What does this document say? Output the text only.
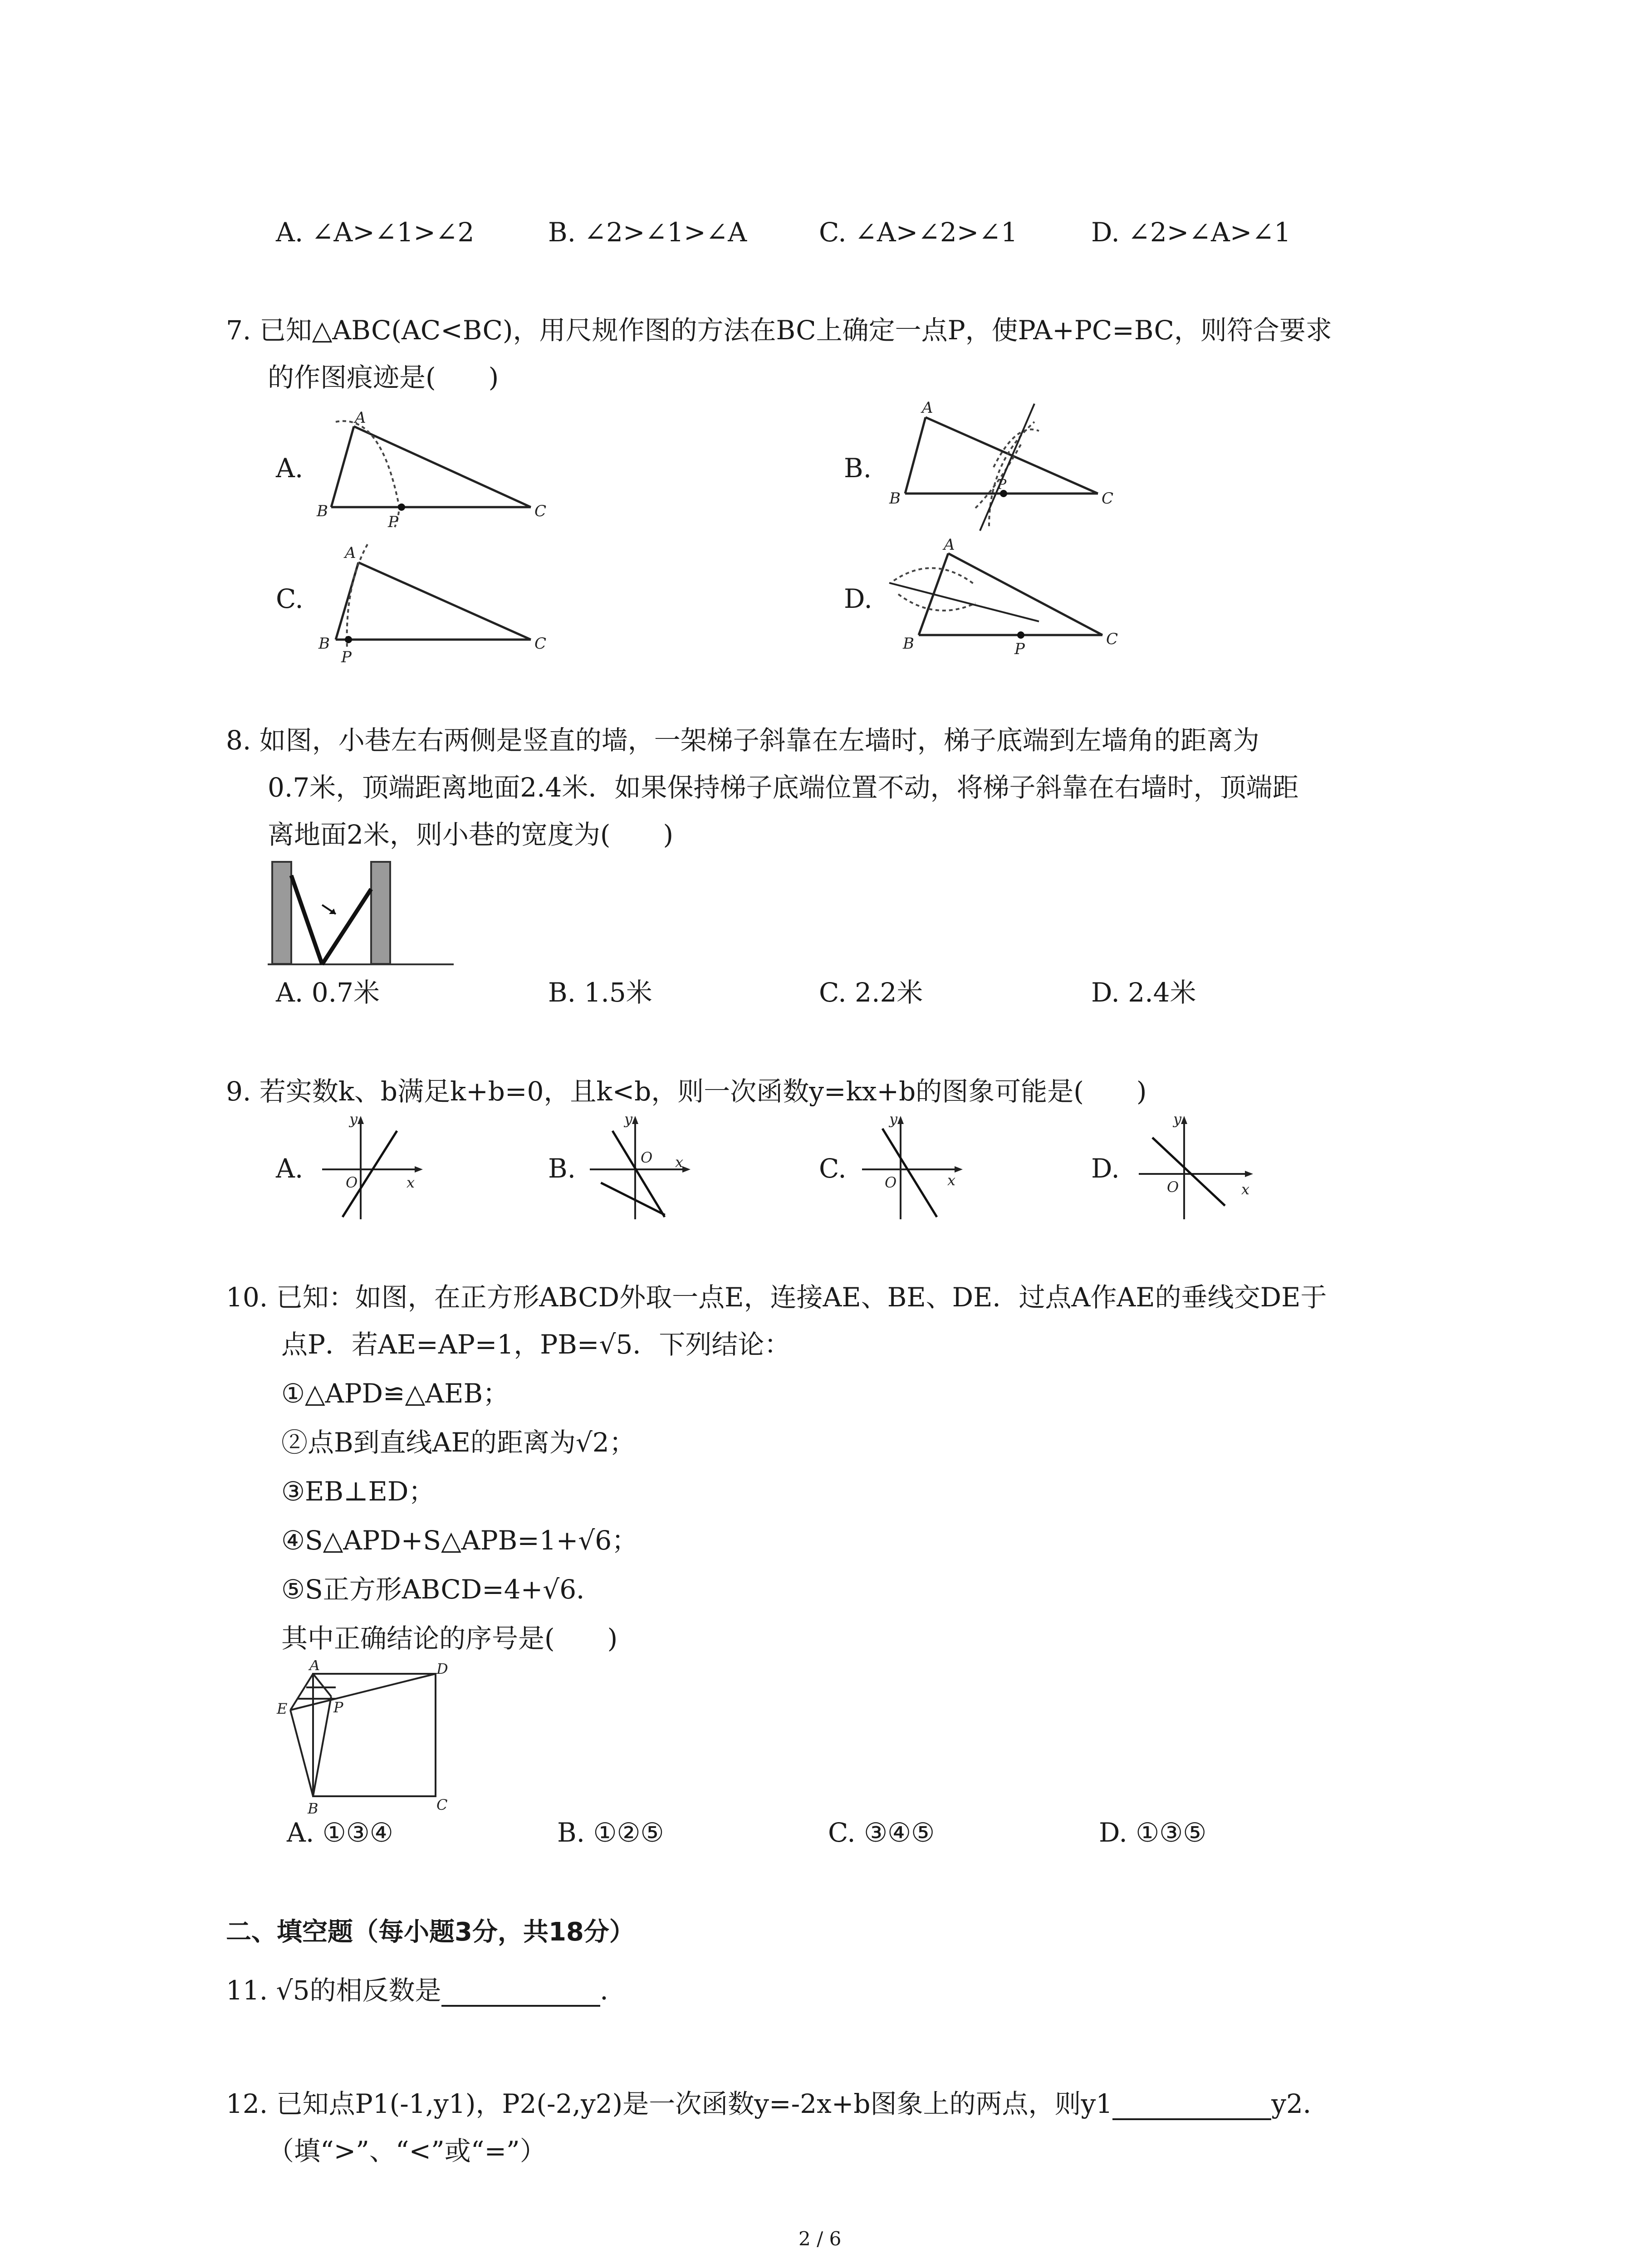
A. ∠A>∠1>∠2	B. ∠2>∠1>∠A	C. ∠A>∠2>∠1	D. ∠2>∠A>∠1
7. 已知△ABC(AC<BC)，用尺规作图的方法在BC上确定一点P，使PA+PC=BC，则符合要求
的作图痕迹是(　　)
A.
A
B	C
P
B.
A
B	C
P
C.
A
B	C
P
D.
A
B	C
P
8. 如图，小巷左右两侧是竖直的墙，一架梯子斜靠在左墙时，梯子底端到左墙角的距离为
0.7米，顶端距离地面2.4米．如果保持梯子底端位置不动，将梯子斜靠在右墙时，顶端距
离地面2米，则小巷的宽度为(　　)
A. 0.7米	B. 1.5米	C. 2.2米	D. 2.4米
9. 若实数k、b满足k+b=0，且k<b，则一次函数y=kx+b的图象可能是(　　)
A.
y
x
O	B.
y
x
O	C.
y
x
O	D.
y
x
O
10. 已知：如图，在正方形ABCD外取一点E，连接AE、BE、DE．过点A作AE的垂线交DE于
点P．若AE=AP=1，PB=√5．下列结论：
①△APD≌△AEB；
②点B到直线AE的距离为√2；
③EB⊥ED；
④S△APD+S△APB=1+√6；
⑤S正方形ABCD=4+√6．
其中正确结论的序号是(　　)
A	D
E	P
B	C
A. ①③④	B. ①②⑤	C. ③④⑤	D. ①③⑤
二、填空题（每小题3分，共18分）
11. √5的相反数是	．
12. 已知点P1(-1,y1)，P2(-2,y2)是一次函数y=-2x+b图象上的两点，则y1	y2．
（填“>”、“<”或“=”）
2 / 6
